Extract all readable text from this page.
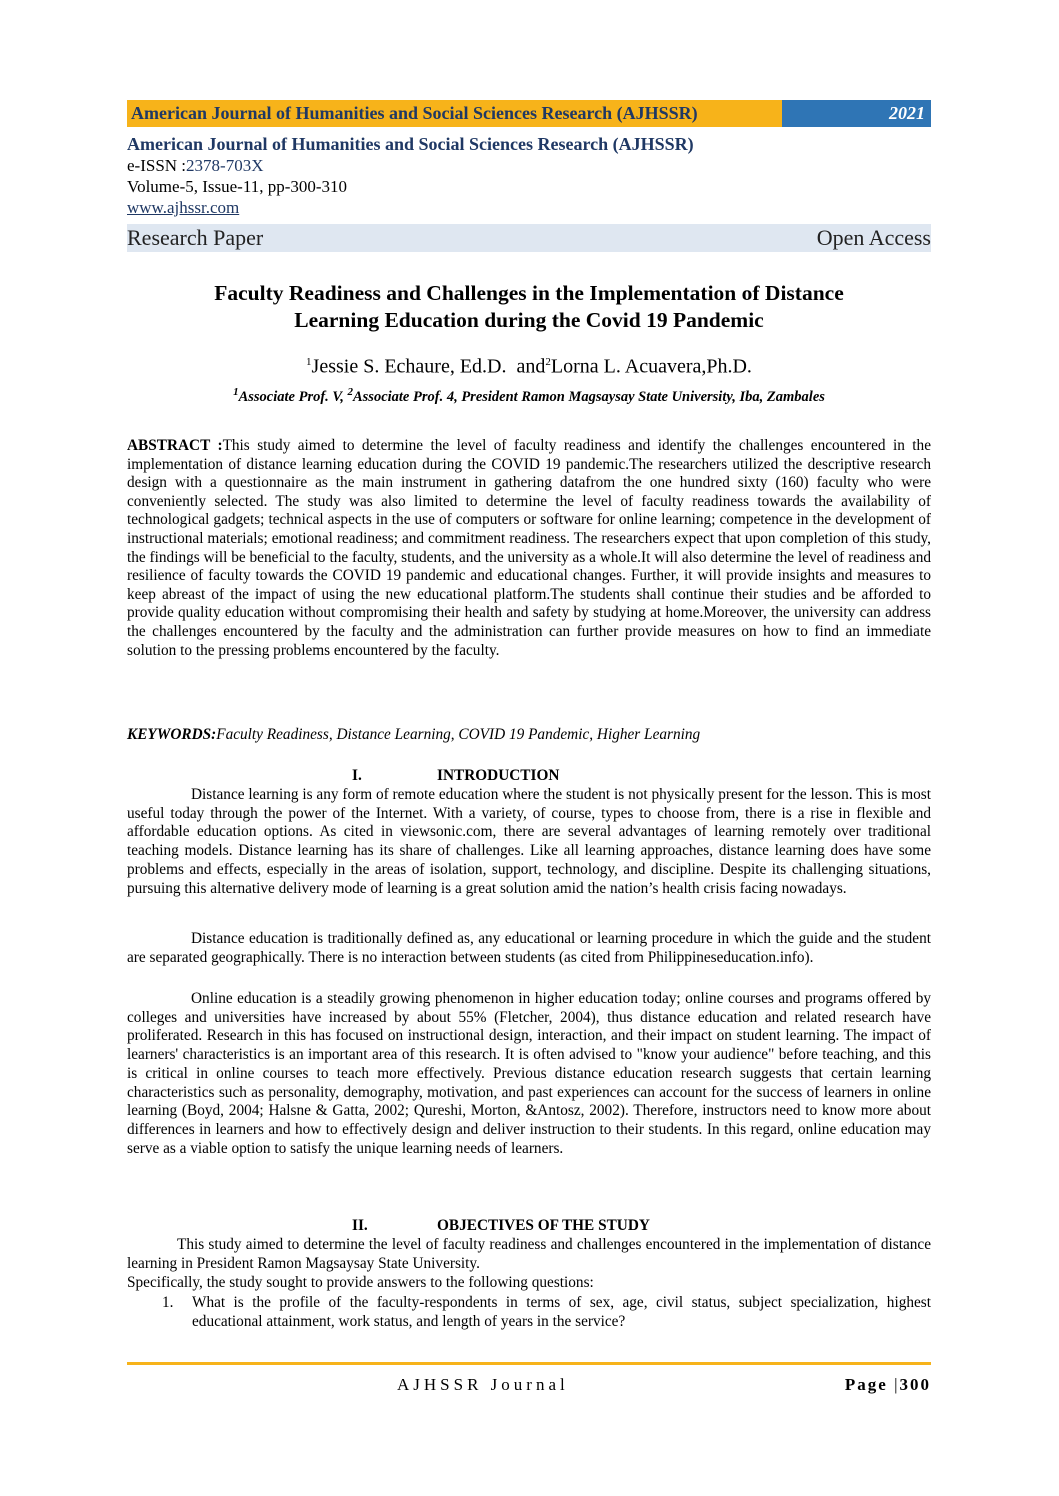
American Journal of Humanities and Social Sciences Research (AJHSSR)	2021
American Journal of Humanities and Social Sciences Research (AJHSSR)
e-ISSN :2378-703X
Volume-5, Issue-11, pp-300-310
www.ajhssr.com
Research Paper	Open Access
Faculty Readiness and Challenges in the Implementation of Distance
Learning Education during the Covid 19 Pandemic
$^1$Jessie S. Echaure, Ed.D. and$^2$Lorna L. Acuavera,Ph.D.
$^1$Associate Prof. V, $^2$Associate Prof. 4, President Ramon Magsaysay State University, Iba, Zambales
ABSTRACT :This study aimed to determine the level of faculty readiness and identify the challenges encountered in the implementation of distance learning education during the COVID 19 pandemic.The researchers utilized the descriptive research design with a questionnaire as the main instrument in gathering datafrom the one hundred sixty (160) faculty who were conveniently selected. The study was also limited to determine the level of faculty readiness towards the availability of technological gadgets; technical aspects in the use of computers or software for online learning; competence in the development of instructional materials; emotional readiness; and commitment readiness. The researchers expect that upon completion of this study, the findings will be beneficial to the faculty, students, and the university as a whole.It will also determine the level of readiness and resilience of faculty towards the COVID 19 pandemic and educational changes. Further, it will provide insights and measures to keep abreast of the impact of using the new educational platform.The students shall continue their studies and be afforded to provide quality education without compromising their health and safety by studying at home.Moreover, the university can address the challenges encountered by the faculty and the administration can further provide measures on how to find an immediate solution to the pressing problems encountered by the faculty.
KEYWORDS:Faculty Readiness, Distance Learning, COVID 19 Pandemic, Higher Learning
I.	INTRODUCTION
Distance learning is any form of remote education where the student is not physically present for the lesson. This is most useful today through the power of the Internet. With a variety, of course, types to choose from, there is a rise in flexible and affordable education options. As cited in viewsonic.com, there are several advantages of learning remotely over traditional teaching models. Distance learning has its share of challenges. Like all learning approaches, distance learning does have some problems and effects, especially in the areas of isolation, support, technology, and discipline. Despite its challenging situations, pursuing this alternative delivery mode of learning is a great solution amid the nation’s health crisis facing nowadays.
Distance education is traditionally defined as, any educational or learning procedure in which the guide and the student are separated geographically. There is no interaction between students (as cited from Philippineseducation.info).
Online education is a steadily growing phenomenon in higher education today; online courses and programs offered by colleges and universities have increased by about 55% (Fletcher, 2004), thus distance education and related research have proliferated. Research in this has focused on instructional design, interaction, and their impact on student learning. The impact of learners' characteristics is an important area of this research. It is often advised to "know your audience" before teaching, and this is critical in online courses to teach more effectively. Previous distance education research suggests that certain learning characteristics such as personality, demography, motivation, and past experiences can account for the success of learners in online learning (Boyd, 2004; Halsne & Gatta, 2002; Qureshi, Morton, &Antosz, 2002). Therefore, instructors need to know more about differences in learners and how to effectively design and deliver instruction to their students. In this regard, online education may serve as a viable option to satisfy the unique learning needs of learners.
II.	OBJECTIVES OF THE STUDY
This study aimed to determine the level of faculty readiness and challenges encountered in the implementation of distance learning in President Ramon Magsaysay State University.
Specifically, the study sought to provide answers to the following questions:
1.	What is the profile of the faculty-respondents in terms of sex, age, civil status, subject specialization, highest educational attainment, work status, and length of years in the service?
AJHSSR Journal	Page |300
